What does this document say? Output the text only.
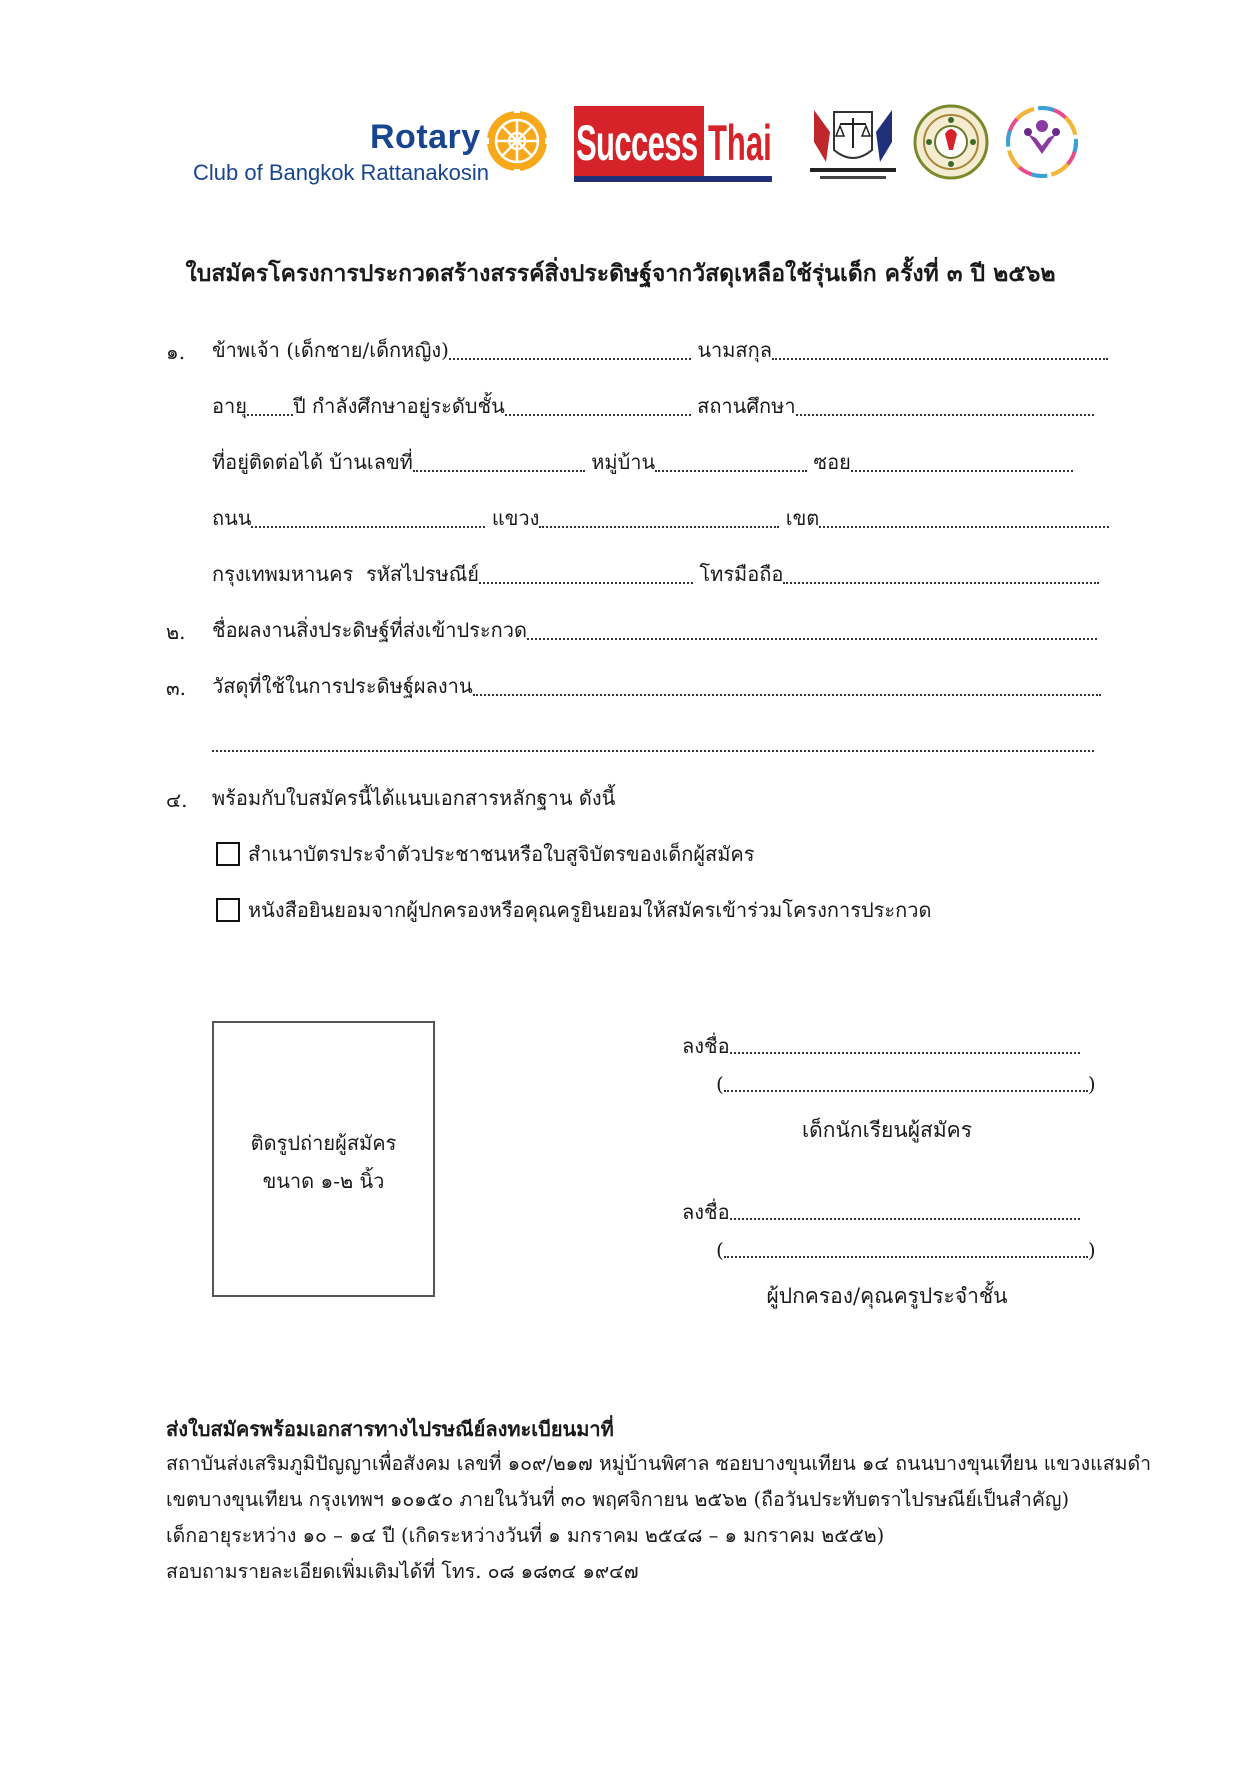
Rotary
Club of Bangkok Rattanakosin
Success Thai
ใบสมัครโครงการประกวดสร้างสรรค์สิ่งประดิษฐ์จากวัสดุเหลือใช้รุ่นเด็ก ครั้งที่ ๓ ปี ๒๕๖๒
๑. ข้าพเจ้า (เด็กชาย/เด็กหญิง)	นามสกุล
อายุ ปี กำลังศึกษาอยู่ระดับชั้น	สถานศึกษา
ที่อยู่ติดต่อได้ บ้านเลขที่	หมู่บ้าน	ซอย
ถนน	แขวง	เขต
กรุงเทพมหานคร รหัสไปรษณีย์	โทรมือถือ
๒. ชื่อผลงานสิ่งประดิษฐ์ที่ส่งเข้าประกวด
๓. วัสดุที่ใช้ในการประดิษฐ์ผลงาน

๔. พร้อมกับใบสมัครนี้ได้แนบเอกสารหลักฐาน ดังนี้
สำเนาบัตรประจำตัวประชาชนหรือใบสูจิบัตรของเด็กผู้สมัคร
หนังสือยินยอมจากผู้ปกครองหรือคุณครูยินยอมให้สมัครเข้าร่วมโครงการประกวด
ติดรูปถ่ายผู้สมัคร
ขนาด ๑-๒ นิ้ว
ลงชื่อ
(	)
เด็กนักเรียนผู้สมัคร
ลงชื่อ
(	)
ผู้ปกครอง/คุณครูประจำชั้น
ส่งใบสมัครพร้อมเอกสารทางไปรษณีย์ลงทะเบียนมาที่
สถาบันส่งเสริมภูมิปัญญาเพื่อสังคม เลขที่ ๑๐๙/๒๑๗ หมู่บ้านพิศาล ซอยบางขุนเทียน ๑๔ ถนนบางขุนเทียน แขวงแสมดำ
เขตบางขุนเทียน กรุงเทพฯ ๑๐๑๕๐ ภายในวันที่ ๓๐ พฤศจิกายน ๒๕๖๒ (ถือวันประทับตราไปรษณีย์เป็นสำคัญ)
เด็กอายุระหว่าง ๑๐ – ๑๔ ปี (เกิดระหว่างวันที่ ๑ มกราคม ๒๕๔๘ – ๑ มกราคม ๒๕๕๒)
สอบถามรายละเอียดเพิ่มเติมได้ที่ โทร. ๐๘ ๑๘๓๔ ๑๙๔๗
